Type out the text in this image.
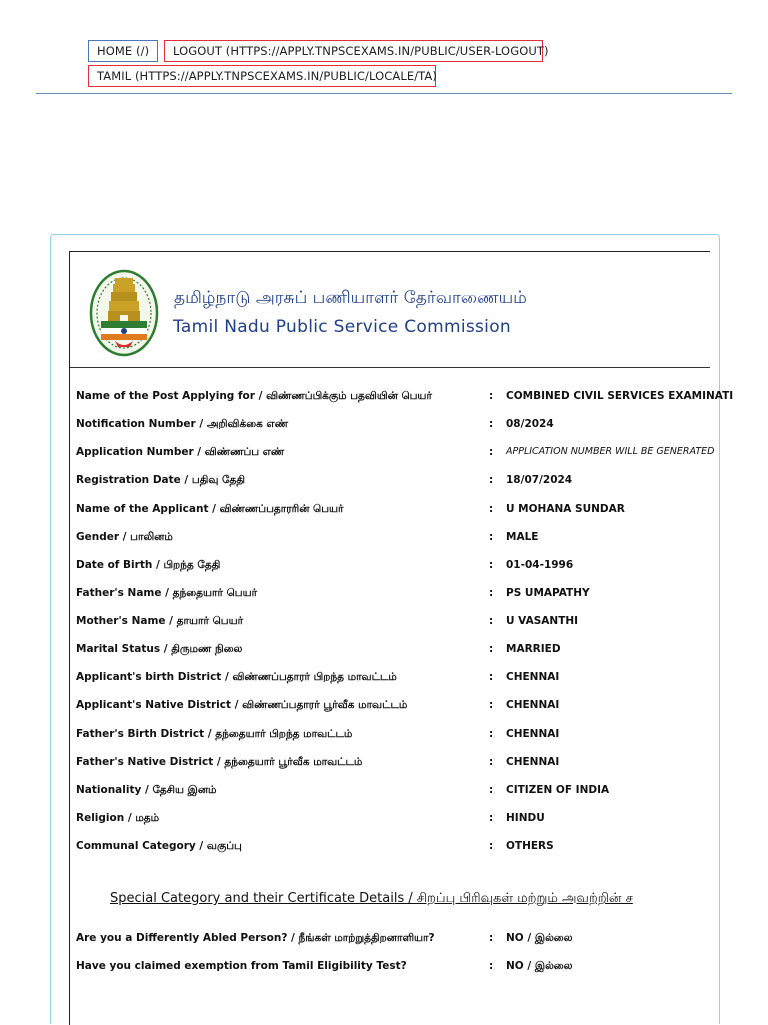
HOME (/)	LOGOUT (HTTPS://APPLY.TNPSCEXAMS.IN/PUBLIC/USER-LOGOUT)
TAMIL (HTTPS://APPLY.TNPSCEXAMS.IN/PUBLIC/LOCALE/TA)
தமிழ்நாடு அரசுப் பணியாளர் தேர்வாணையம்
Tamil Nadu Public Service Commission
Name of the Post Applying for / விண்ணப்பிக்கும் பதவியின் பெயர்	: COMBINED CIVIL SERVICES EXAMINATI
Notification Number / அறிவிக்கை எண்	: 08/2024
Application Number / விண்ணப்ப எண்	: APPLICATION NUMBER WILL BE GENERATED
Registration Date / பதிவு தேதி	: 18/07/2024
Name of the Applicant / விண்ணப்பதாரரின் பெயர்	: U MOHANA SUNDAR
Gender / பாலினம்	: MALE
Date of Birth / பிறந்த தேதி	: 01-04-1996
Father's Name / தந்தையார் பெயர்	: PS UMAPATHY
Mother's Name / தாயார் பெயர்	: U VASANTHI
Marital Status / திருமண நிலை	: MARRIED
Applicant's birth District / விண்ணப்பதாரர் பிறந்த மாவட்டம்	: CHENNAI
Applicant's Native District / விண்ணப்பதாரர் பூர்வீக மாவட்டம்	: CHENNAI
Father's Birth District / தந்தையார் பிறந்த மாவட்டம்	: CHENNAI
Father's Native District / தந்தையார் பூர்வீக மாவட்டம்	: CHENNAI
Nationality / தேசிய இனம்	: CITIZEN OF INDIA
Religion / மதம்	: HINDU
Communal Category / வகுப்பு	: OTHERS
Special Category and their Certificate Details / சிறப்பு பிரிவுகள் மற்றும் அவற்றின் ச
Are you a Differently Abled Person? / நீங்கள் மாற்றுத்திறனாளியா?	: NO / இல்லை
Have you claimed exemption from Tamil Eligibility Test?	: NO / இல்லை
